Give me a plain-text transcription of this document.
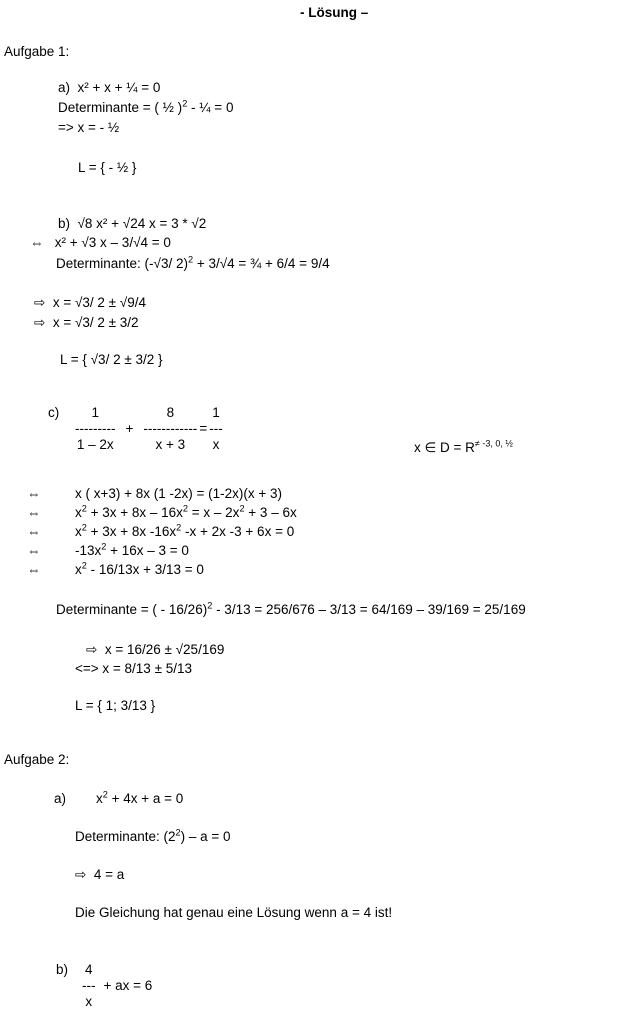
- Lösung –
Aufgabe 1:
a)  x² + x + ¼ = 0
Determinante = ( ½ )$^2$ - ¼ = 0
=> x = - ½
L = { - ½ }
b)  √8 x² + √24 x = 3 * √2
⇔   x² + √3 x – 3/√4 = 0
Determinante: (-√3/ 2)$^2$ + 3/√4 = ¾ + 6/4 = 9/4
⇨  x = √3/ 2 ± √9/4
⇨  x = √3/ 2 ± 3/2
L = { √3/ 2 ± 3/2 }
c) 1
---------
1 – 2x
+
8
------------
x + 3
=
1
---
x	x ∈ $D = R^{\ne -3, 0, \frac{1}{2}}$
⇔	x ( x+3) + 8x (1 -2x) = (1-2x)(x + 3)
⇔	$x^2 + 3x + 8x - 16x^2 = x - 2x^2 + 3 - 6x$
⇔	$x^2 + 3x + 8x$ $-16x^2$ -x + 2x -3 + 6x = 0
⇔	$-13x^2 + 16x - 3 = 0$
⇔	$x^2 - 16/13x + 3/13 = 0$
Determinante = ( - 16/26)$^2$ - 3/13 = 256/676 – 3/13 = 64/169 – 39/169 = 25/169
⇨  x = 16/26 ± √25/169
<=> x = 8/13 ± 5/13
L = { 1; 3/13 }
Aufgabe 2:
a)        $x^2 + 4x + a = 0$
Determinante: $(2^2) - a = 0$
⇨  4 = a
Die Gleichung hat genau eine Lösung wenn a = 4 ist!
b) 4
---
x
+ ax = 6
